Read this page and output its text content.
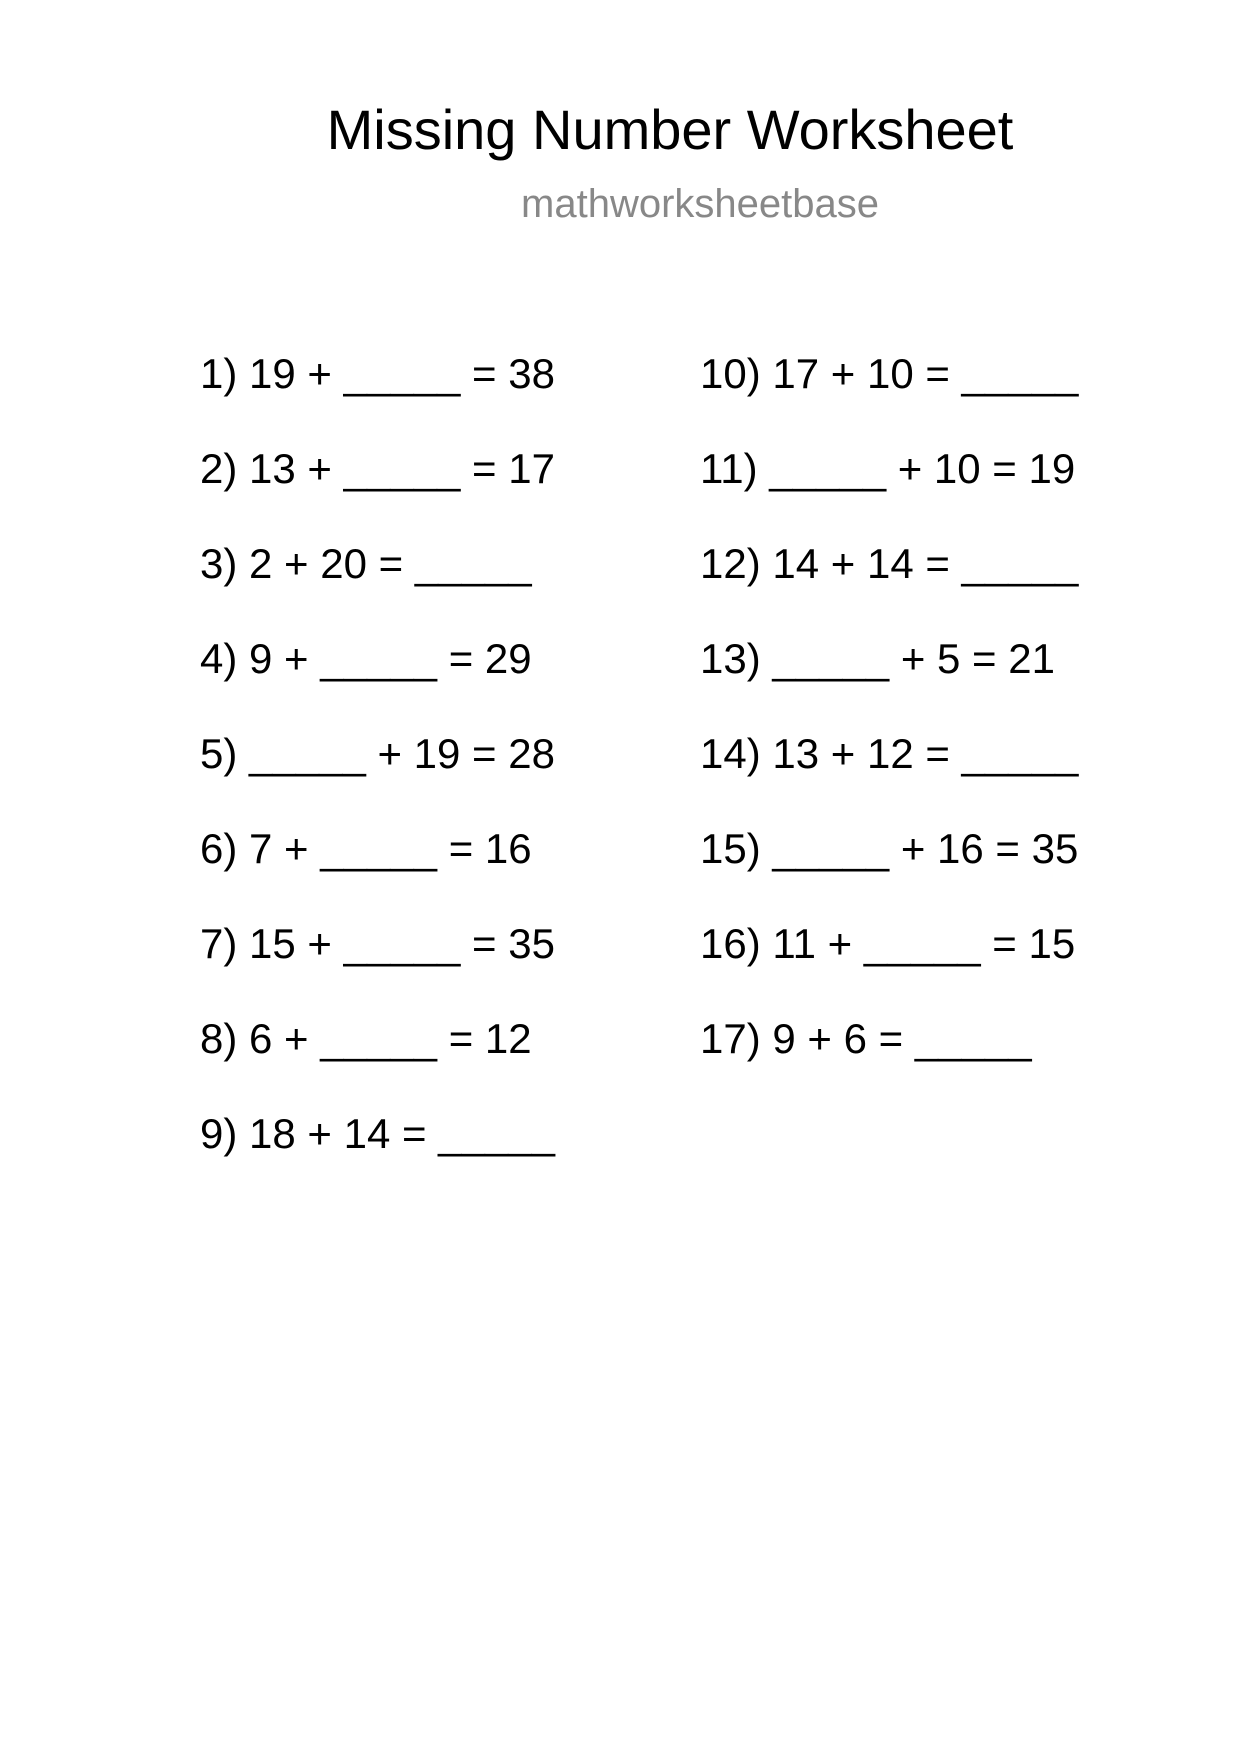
Missing Number Worksheet
mathworksheetbase
1) 19 + _____ = 38
2) 13 + _____ = 17
3) 2 + 20 = _____
4) 9 + _____ = 29
5) _____ + 19 = 28
6) 7 + _____ = 16
7) 15 + _____ = 35
8) 6 + _____ = 12
9) 18 + 14 = _____
10) 17 + 10 = _____
11) _____ + 10 = 19
12) 14 + 14 = _____
13) _____ + 5 = 21
14) 13 + 12 = _____
15) _____ + 16 = 35
16) 11 + _____ = 15
17) 9 + 6 = _____
